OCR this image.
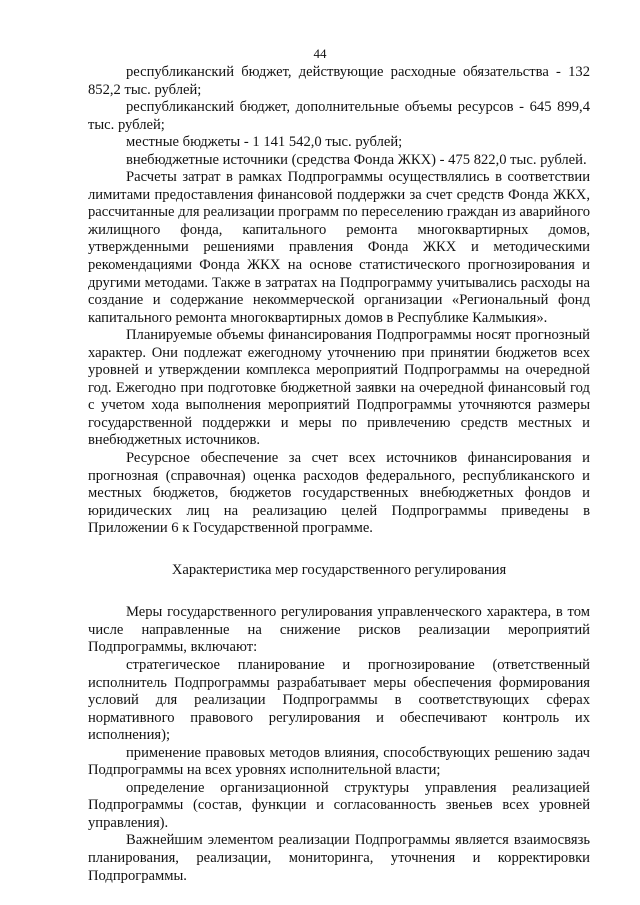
44

республиканский бюджет, действующие расходные обязательства - 132 852,2 тыс. рублей;

республиканский бюджет, дополнительные объемы ресурсов - 645 899,4 тыс. рублей;

местные бюджеты - 1 141 542,0 тыс. рублей;

внебюджетные источники (средства Фонда ЖКХ) - 475 822,0 тыс. рублей.

Расчеты затрат в рамках Подпрограммы осуществлялись в соответствии лимитами предоставления финансовой поддержки за счет средств Фонда ЖКХ, рассчитанные для реализации программ по переселению граждан из аварийного жилищного фонда, капитального ремонта многоквартирных домов, утвержденными решениями правления Фонда ЖКХ и методическими рекомендациями Фонда ЖКХ на основе статистического прогнозирования и другими методами. Также в затратах на Подпрограмму учитывались расходы на создание и содержание некоммерческой организации «Региональный фонд капитального ремонта многоквартирных домов в Республике Калмыкия».

Планируемые объемы финансирования Подпрограммы носят прогнозный характер. Они подлежат ежегодному уточнению при принятии бюджетов всех уровней и утверждении комплекса мероприятий Подпрограммы на очередной год. Ежегодно при подготовке бюджетной заявки на очередной финансовый год с учетом хода выполнения мероприятий Подпрограммы уточняются размеры государственной поддержки и меры по привлечению средств местных и внебюджетных источников.

Ресурсное обеспечение за счет всех источников финансирования и прогнозная (справочная) оценка расходов федерального, республиканского и местных бюджетов, бюджетов государственных внебюджетных фондов и юридических лиц на реализацию целей Подпрограммы приведены в Приложении 6 к Государственной программе.

Характеристика мер государственного регулирования

Меры государственного регулирования управленческого характера, в том числе направленные на снижение рисков реализации мероприятий Подпрограммы, включают:

стратегическое планирование и прогнозирование (ответственный исполнитель Подпрограммы разрабатывает меры обеспечения формирования условий для реализации Подпрограммы в соответствующих сферах нормативного правового регулирования и обеспечивают контроль их исполнения);

применение правовых методов влияния, способствующих решению задач Подпрограммы на всех уровнях исполнительной власти;

определение организационной структуры управления реализацией Подпрограммы (состав, функции и согласованность звеньев всех уровней управления).

Важнейшим элементом реализации Подпрограммы является взаимосвязь планирования, реализации, мониторинга, уточнения и корректировки Подпрограммы.
